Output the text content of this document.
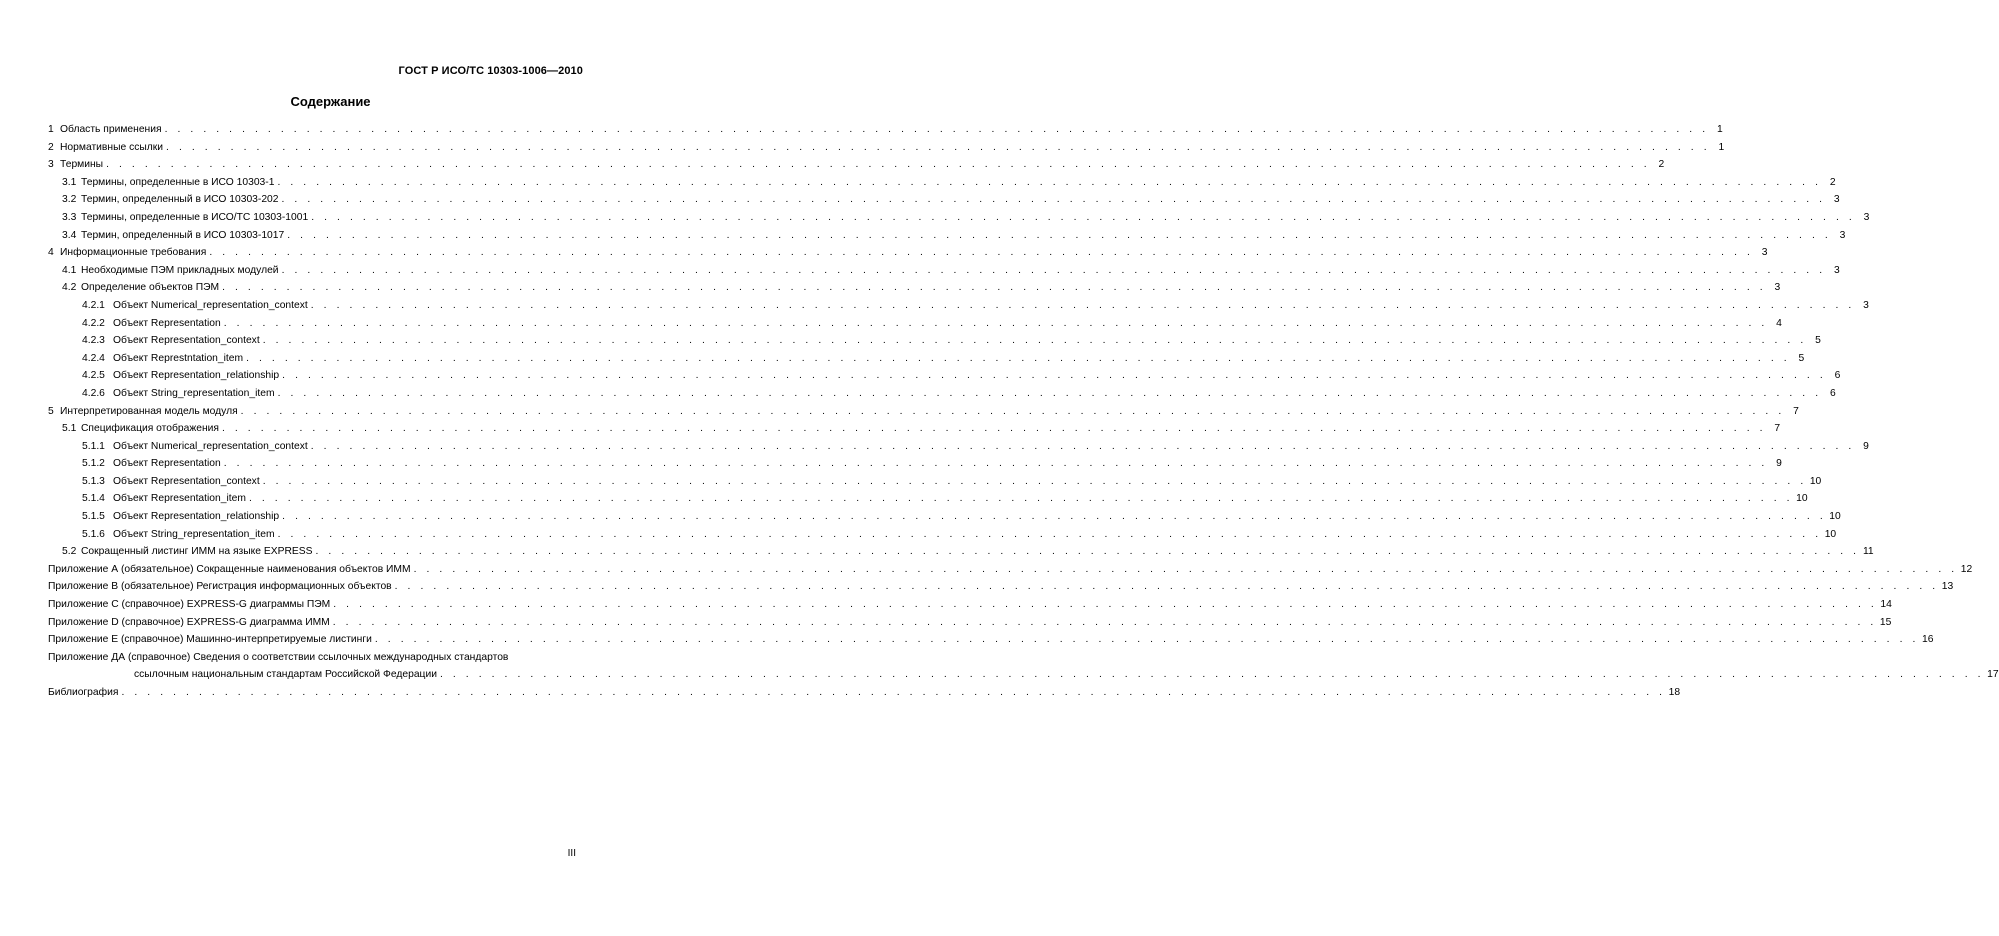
ГОСТ Р ИСО/ТС 10303-1006—2010
Содержание
1 Область применения . . . . . . . . . . . . . . . . . . . . . . . . . . . . . . . . . . . . . . . . . . . . . . . . . . . . . . . . . . . . . . . . . . . . . . . . . . . . . . . . . . . . . . . . . . . . . . . . . . . . . . . . . . . . . . . . . . . . . . . . 1
2 Нормативные ссылки . . . . . . . . . . . . . . . . . . . . . . . . . . . . . . . . . . . . . . . . . . . . . . . . . . . . . . . . . . . . . . . . . . . . . . . . . . . . . . . . . . . . . . . . . . . . . . . . . . . . . . . . . . . . . . . . . . . . . . . . 1
3 Термины . . . . . . . . . . . . . . . . . . . . . . . . . . . . . . . . . . . . . . . . . . . . . . . . . . . . . . . . . . . . . . . . . . . . . . . . . . . . . . . . . . . . . . . . . . . . . . . . . . . . . . . . . . . . . . . . . . . . . . . . 2
3.1 Термины, определенные в ИСО 10303-1 . . . . . . . . . . . . . . . . . . . . . . . . . . . . . . . . . . . . . . . . . . . . . . . . . . . . . . . . . . . . . . . . . . . . . . . . . . . . . . . . . . . . . . . . . . . . . . . . . . . . . . . . . . . . . . . . . . . . . . . . 2
3.2 Термин, определенный в ИСО 10303-202 . . . . . . . . . . . . . . . . . . . . . . . . . . . . . . . . . . . . . . . . . . . . . . . . . . . . . . . . . . . . . . . . . . . . . . . . . . . . . . . . . . . . . . . . . . . . . . . . . . . . . . . . . . . . . . . . . . . . . . . . 3
3.3 Термины, определенные в ИСО/ТС 10303-1001 . . . . . . . . . . . . . . . . . . . . . . . . . . . . . . . . . . . . . . . . . . . . . . . . . . . . . . . . . . . . . . . . . . . . . . . . . . . . . . . . . . . . . . . . . . . . . . . . . . . . . . . . . . . . . . . . . . . . . . . . 3
3.4 Термин, определенный в ИСО 10303-1017 . . . . . . . . . . . . . . . . . . . . . . . . . . . . . . . . . . . . . . . . . . . . . . . . . . . . . . . . . . . . . . . . . . . . . . . . . . . . . . . . . . . . . . . . . . . . . . . . . . . . . . . . . . . . . . . . . . . . . . . . 3
4 Информационные требования . . . . . . . . . . . . . . . . . . . . . . . . . . . . . . . . . . . . . . . . . . . . . . . . . . . . . . . . . . . . . . . . . . . . . . . . . . . . . . . . . . . . . . . . . . . . . . . . . . . . . . . . . . . . . . . . . . . . . . . . 3
4.1 Необходимые ПЭМ прикладных модулей . . . . . . . . . . . . . . . . . . . . . . . . . . . . . . . . . . . . . . . . . . . . . . . . . . . . . . . . . . . . . . . . . . . . . . . . . . . . . . . . . . . . . . . . . . . . . . . . . . . . . . . . . . . . . . . . . . . . . . . . 3
4.2 Определение объектов ПЭМ . . . . . . . . . . . . . . . . . . . . . . . . . . . . . . . . . . . . . . . . . . . . . . . . . . . . . . . . . . . . . . . . . . . . . . . . . . . . . . . . . . . . . . . . . . . . . . . . . . . . . . . . . . . . . . . . . . . . . . . . 3
4.2.1 Объект Numerical_representation_context . . . . . . . . . . . . . . . . . . . . . . . . . . . . . . . . . . . . . . . . . . . . . . . . . . . . . . . . . . . . . . . . . . . . . . . . . . . . . . . . . . . . . . . . . . . . . . . . . . . . . . . . . . . . . . . . . . . . . . . . 3
4.2.2 Объект Representation . . . . . . . . . . . . . . . . . . . . . . . . . . . . . . . . . . . . . . . . . . . . . . . . . . . . . . . . . . . . . . . . . . . . . . . . . . . . . . . . . . . . . . . . . . . . . . . . . . . . . . . . . . . . . . . . . . . . . . . . 4
4.2.3 Объект Representation_context . . . . . . . . . . . . . . . . . . . . . . . . . . . . . . . . . . . . . . . . . . . . . . . . . . . . . . . . . . . . . . . . . . . . . . . . . . . . . . . . . . . . . . . . . . . . . . . . . . . . . . . . . . . . . . . . . . . . . . . . 5
4.2.4 Объект Represtntation_item . . . . . . . . . . . . . . . . . . . . . . . . . . . . . . . . . . . . . . . . . . . . . . . . . . . . . . . . . . . . . . . . . . . . . . . . . . . . . . . . . . . . . . . . . . . . . . . . . . . . . . . . . . . . . . . . . . . . . . . . 5
4.2.5 Объект Representation_relationship . . . . . . . . . . . . . . . . . . . . . . . . . . . . . . . . . . . . . . . . . . . . . . . . . . . . . . . . . . . . . . . . . . . . . . . . . . . . . . . . . . . . . . . . . . . . . . . . . . . . . . . . . . . . . . . . . . . . . . . . 6
4.2.6 Объект String_representation_item . . . . . . . . . . . . . . . . . . . . . . . . . . . . . . . . . . . . . . . . . . . . . . . . . . . . . . . . . . . . . . . . . . . . . . . . . . . . . . . . . . . . . . . . . . . . . . . . . . . . . . . . . . . . . . . . . . . . . . . . 6
5 Интерпретированная модель модуля . . . . . . . . . . . . . . . . . . . . . . . . . . . . . . . . . . . . . . . . . . . . . . . . . . . . . . . . . . . . . . . . . . . . . . . . . . . . . . . . . . . . . . . . . . . . . . . . . . . . . . . . . . . . . . . . . . . . . . . . 7
5.1 Спецификация отображения . . . . . . . . . . . . . . . . . . . . . . . . . . . . . . . . . . . . . . . . . . . . . . . . . . . . . . . . . . . . . . . . . . . . . . . . . . . . . . . . . . . . . . . . . . . . . . . . . . . . . . . . . . . . . . . . . . . . . . . . 7
5.1.1 Объект Numerical_representation_context . . . . . . . . . . . . . . . . . . . . . . . . . . . . . . . . . . . . . . . . . . . . . . . . . . . . . . . . . . . . . . . . . . . . . . . . . . . . . . . . . . . . . . . . . . . . . . . . . . . . . . . . . . . . . . . . . . . . . . . . 9
5.1.2 Объект Representation . . . . . . . . . . . . . . . . . . . . . . . . . . . . . . . . . . . . . . . . . . . . . . . . . . . . . . . . . . . . . . . . . . . . . . . . . . . . . . . . . . . . . . . . . . . . . . . . . . . . . . . . . . . . . . . . . . . . . . . . 9
5.1.3 Объект Representation_context . . . . . . . . . . . . . . . . . . . . . . . . . . . . . . . . . . . . . . . . . . . . . . . . . . . . . . . . . . . . . . . . . . . . . . . . . . . . . . . . . . . . . . . . . . . . . . . . . . . . . . . . . . . . . . . . . . . . . . . . 10
5.1.4 Объект Representation_item . . . . . . . . . . . . . . . . . . . . . . . . . . . . . . . . . . . . . . . . . . . . . . . . . . . . . . . . . . . . . . . . . . . . . . . . . . . . . . . . . . . . . . . . . . . . . . . . . . . . . . . . . . . . . . . . . . . . . . . . 10
5.1.5 Объект Representation_relationship . . . . . . . . . . . . . . . . . . . . . . . . . . . . . . . . . . . . . . . . . . . . . . . . . . . . . . . . . . . . . . . . . . . . . . . . . . . . . . . . . . . . . . . . . . . . . . . . . . . . . . . . . . . . . . . . . . . . . . . . 10
5.1.6 Объект String_representation_item . . . . . . . . . . . . . . . . . . . . . . . . . . . . . . . . . . . . . . . . . . . . . . . . . . . . . . . . . . . . . . . . . . . . . . . . . . . . . . . . . . . . . . . . . . . . . . . . . . . . . . . . . . . . . . . . . . . . . . . . 10
5.2 Сокращенный листинг ИММ на языке EXPRESS . . . . . . . . . . . . . . . . . . . . . . . . . . . . . . . . . . . . . . . . . . . . . . . . . . . . . . . . . . . . . . . . . . . . . . . . . . . . . . . . . . . . . . . . . . . . . . . . . . . . . . . . . . . . . . . . . . . . . . . . 11
Приложение А (обязательное) Сокращенные наименования объектов ИММ . . . . . . . . . . . . . . . . . . . . . . . . . . . . . . . . . . . . . . . . . . . . . . . . . . . . . . . . . . . . . . . . . . . . . . . . . . . . . . . . . . . . . . . . . . . . . . . . . . . . . . . . . . . . . . . . . . . . . . . . 12
Приложение В (обязательное) Регистрация информационных объектов . . . . . . . . . . . . . . . . . . . . . . . . . . . . . . . . . . . . . . . . . . . . . . . . . . . . . . . . . . . . . . . . . . . . . . . . . . . . . . . . . . . . . . . . . . . . . . . . . . . . . . . . . . . . . . . . . . . . . . . . 13
Приложение С (справочное) EXPRESS-G диаграммы ПЭМ . . . . . . . . . . . . . . . . . . . . . . . . . . . . . . . . . . . . . . . . . . . . . . . . . . . . . . . . . . . . . . . . . . . . . . . . . . . . . . . . . . . . . . . . . . . . . . . . . . . . . . . . . . . . . . . . . . . . . . . . 14
Приложение D (справочное) EXPRESS-G диаграмма ИММ . . . . . . . . . . . . . . . . . . . . . . . . . . . . . . . . . . . . . . . . . . . . . . . . . . . . . . . . . . . . . . . . . . . . . . . . . . . . . . . . . . . . . . . . . . . . . . . . . . . . . . . . . . . . . . . . . . . . . . . . 15
Приложение Е (справочное) Машинно-интерпретируемые листинги . . . . . . . . . . . . . . . . . . . . . . . . . . . . . . . . . . . . . . . . . . . . . . . . . . . . . . . . . . . . . . . . . . . . . . . . . . . . . . . . . . . . . . . . . . . . . . . . . . . . . . . . . . . . . . . . . . . . . . . . 16
Приложение ДА (справочное) Сведения о соответствии ссылочных международных стандартов
ссылочным национальным стандартам Российской Федерации . . . . . . . . . . . . . . . . . . . . . . . . . . . . . . . . . . . . . . . . . . . . . . . . . . . . . . . . . . . . . . . . . . . . . . . . . . . . . . . . . . . . . . . . . . . . . . . . . . . . . . . . . . . . . . . . . . . . . . . . 17
Библиография . . . . . . . . . . . . . . . . . . . . . . . . . . . . . . . . . . . . . . . . . . . . . . . . . . . . . . . . . . . . . . . . . . . . . . . . . . . . . . . . . . . . . . . . . . . . . . . . . . . . . . . . . . . . . . . . . . . . . . . . 18
III
